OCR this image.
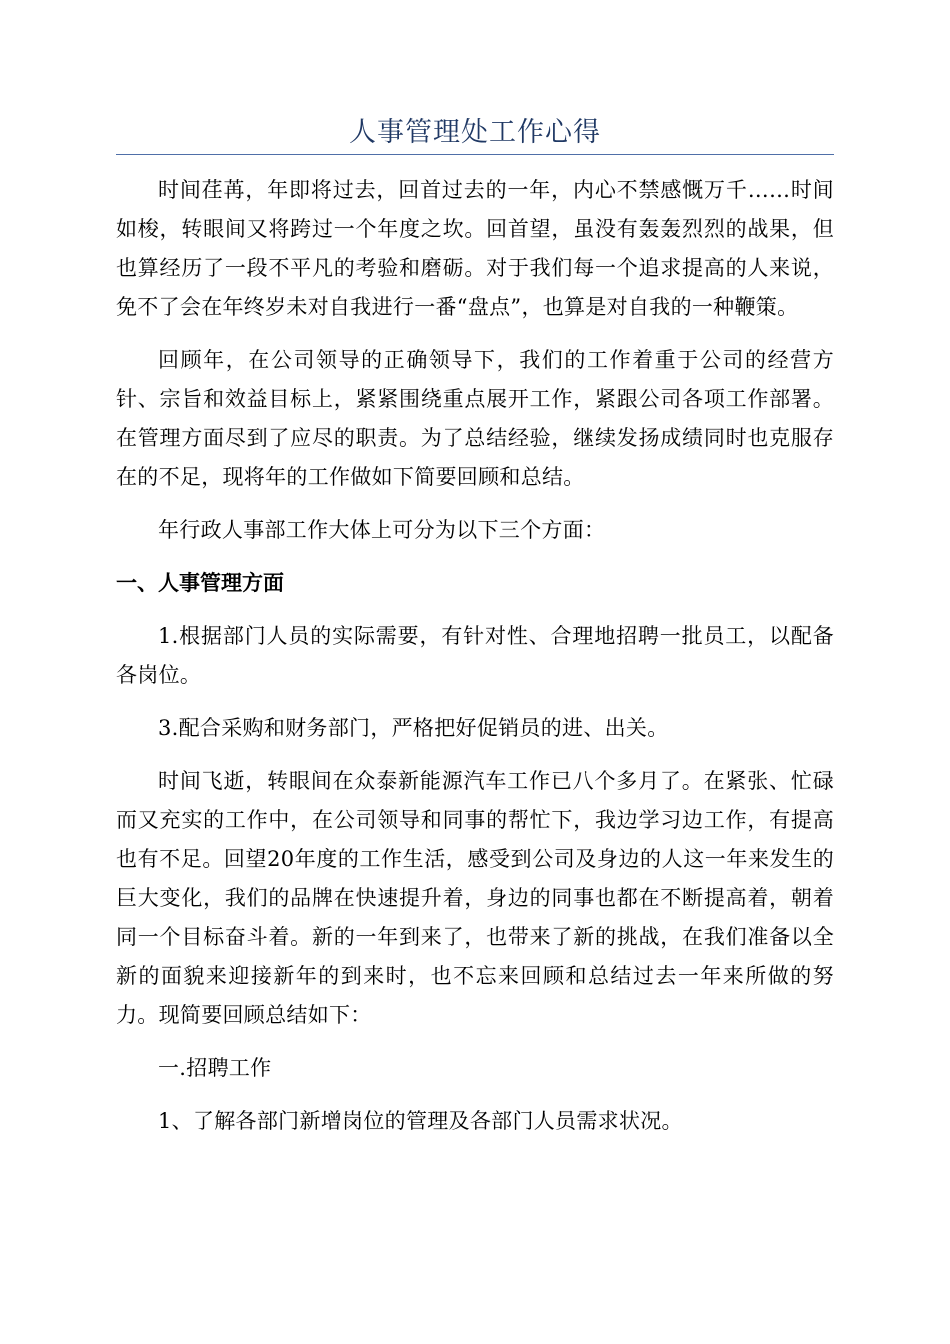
人事管理处工作心得

时间荏苒，年即将过去，回首过去的一年，内心不禁感慨万千……时间如梭，转眼间又将跨过一个年度之坎。回首望，虽没有轰轰烈烈的战果，但也算经历了一段不平凡的考验和磨砺。对于我们每一个追求提高的人来说，免不了会在年终岁未对自我进行一番“盘点”，也算是对自我的一种鞭策。

回顾年，在公司领导的正确领导下，我们的工作着重于公司的经营方针、宗旨和效益目标上，紧紧围绕重点展开工作，紧跟公司各项工作部署。在管理方面尽到了应尽的职责。为了总结经验，继续发扬成绩同时也克服存在的不足，现将年的工作做如下简要回顾和总结。

年行政人事部工作大体上可分为以下三个方面：

一、人事管理方面

1.根据部门人员的实际需要，有针对性、合理地招聘一批员工，以配备各岗位。

3.配合采购和财务部门，严格把好促销员的进、出关。

时间飞逝，转眼间在众泰新能源汽车工作已八个多月了。在紧张、忙碌而又充实的工作中，在公司领导和同事的帮忙下，我边学习边工作，有提高也有不足。回望20年度的工作生活，感受到公司及身边的人这一年来发生的巨大变化，我们的品牌在快速提升着，身边的同事也都在不断提高着，朝着同一个目标奋斗着。新的一年到来了，也带来了新的挑战，在我们准备以全新的面貌来迎接新年的到来时，也不忘来回顾和总结过去一年来所做的努力。现简要回顾总结如下：

一.招聘工作

1、了解各部门新增岗位的管理及各部门人员需求状况。
